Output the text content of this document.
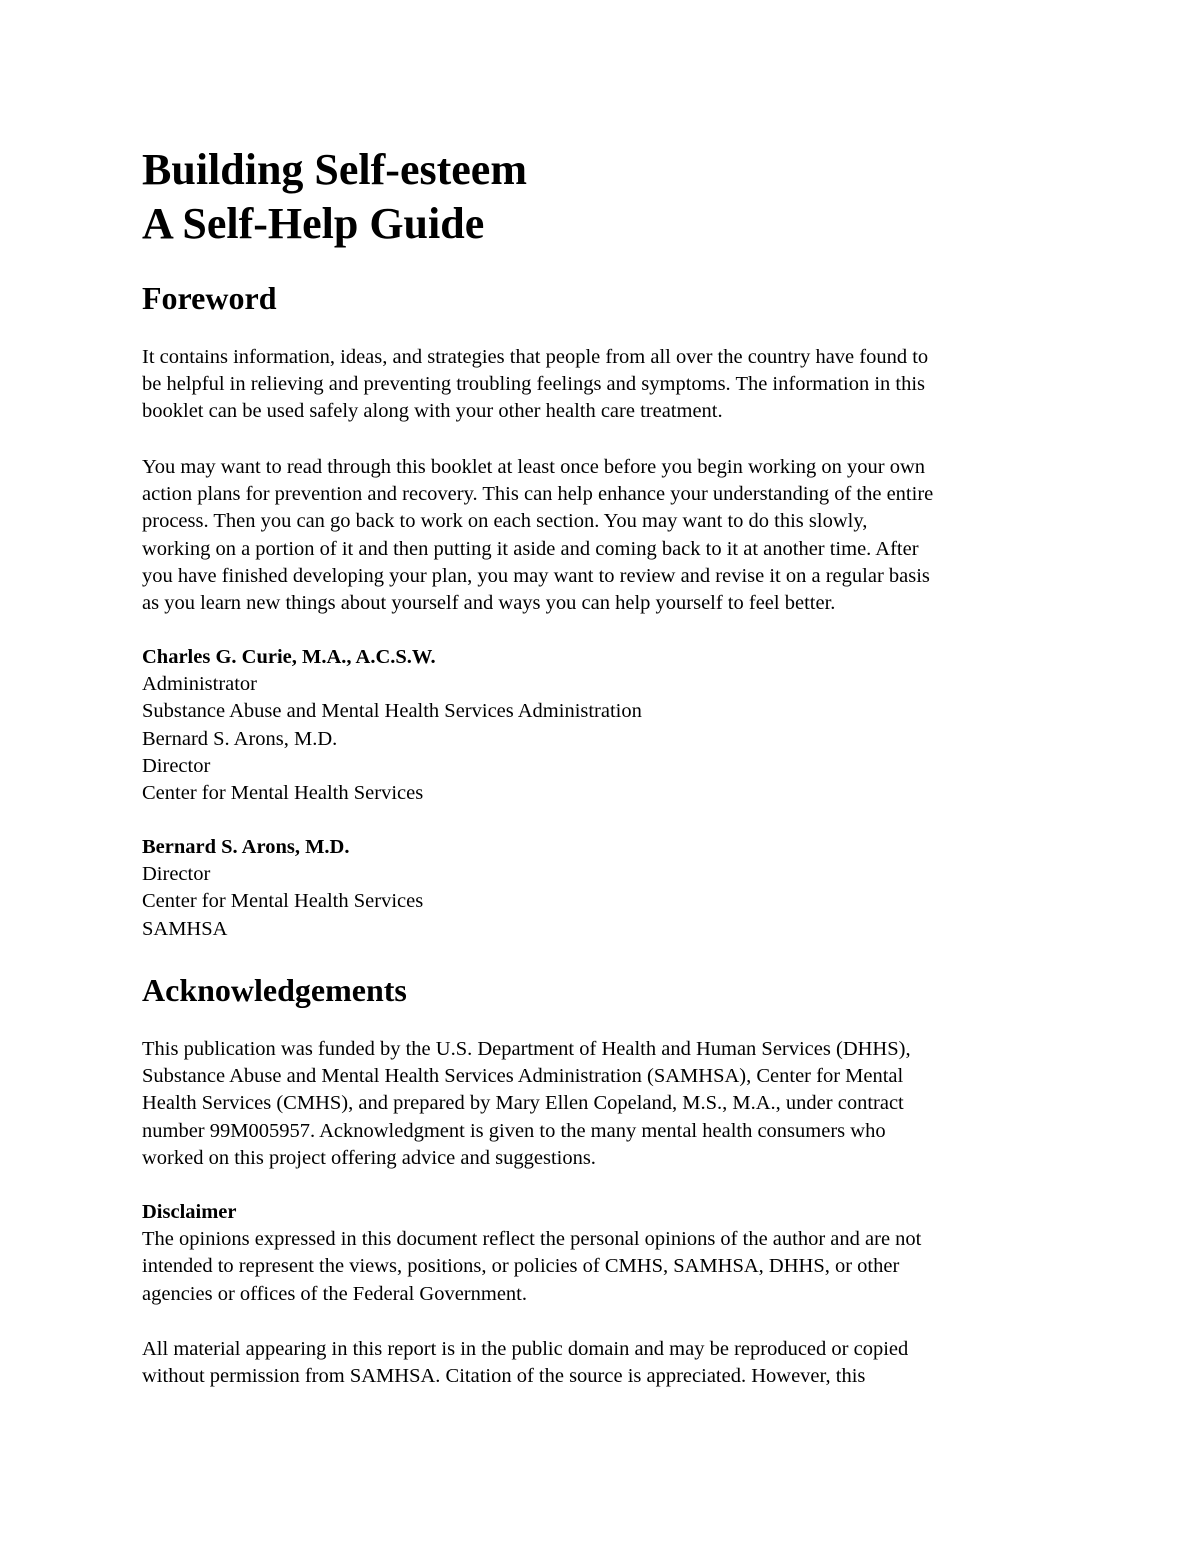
Building Self-esteem
A Self-Help Guide
Foreword
It contains information, ideas, and strategies that people from all over the country have found to
be helpful in relieving and preventing troubling feelings and symptoms. The information in this
booklet can be used safely along with your other health care treatment.
You may want to read through this booklet at least once before you begin working on your own
action plans for prevention and recovery. This can help enhance your understanding of the entire
process. Then you can go back to work on each section. You may want to do this slowly,
working on a portion of it and then putting it aside and coming back to it at another time. After
you have finished developing your plan, you may want to review and revise it on a regular basis
as you learn new things about yourself and ways you can help yourself to feel better.
Charles G. Curie, M.A., A.C.S.W.
Administrator
Substance Abuse and Mental Health Services Administration
Bernard S. Arons, M.D.
Director
Center for Mental Health Services
Bernard S. Arons, M.D.
Director
Center for Mental Health Services
SAMHSA
Acknowledgements
This publication was funded by the U.S. Department of Health and Human Services (DHHS),
Substance Abuse and Mental Health Services Administration (SAMHSA), Center for Mental
Health Services (CMHS), and prepared by Mary Ellen Copeland, M.S., M.A., under contract
number 99M005957. Acknowledgment is given to the many mental health consumers who
worked on this project offering advice and suggestions.
Disclaimer
The opinions expressed in this document reflect the personal opinions of the author and are not
intended to represent the views, positions, or policies of CMHS, SAMHSA, DHHS, or other
agencies or offices of the Federal Government.
All material appearing in this report is in the public domain and may be reproduced or copied
without permission from SAMHSA. Citation of the source is appreciated. However, this
